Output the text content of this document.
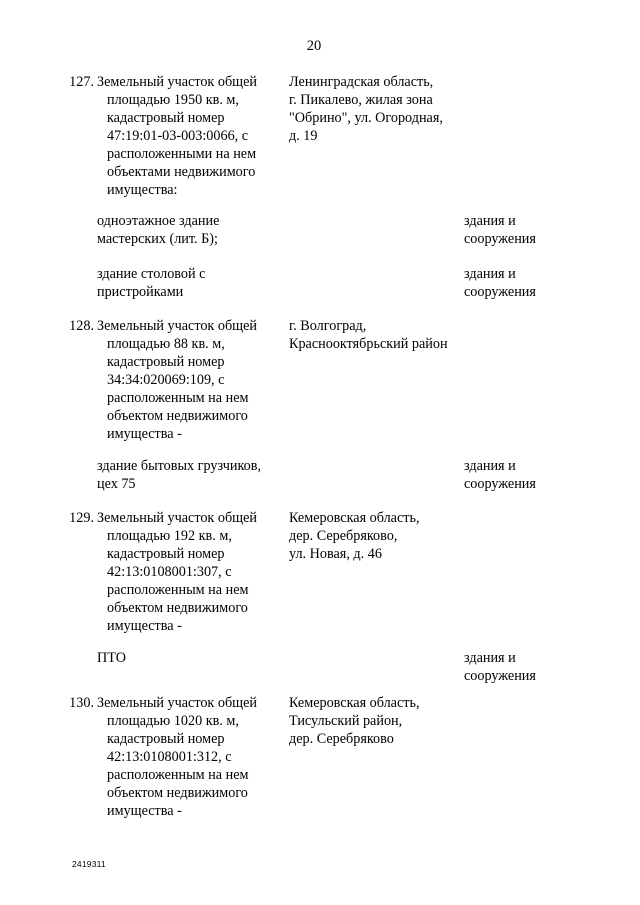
20
127. Земельный участок общей
площадью 1950 кв. м,
кадастровый номер
47:19:01-03-003:0066, с
расположенными на нем
объектами недвижимого
имущества:
Ленинградская область,
г. Пикалево, жилая зона
"Обрино", ул. Огородная,
д. 19
одноэтажное здание
мастерских (лит. Б);
здания и
сооружения
здание столовой с
пристройками
здания и
сооружения
128. Земельный участок общей
площадью 88 кв. м,
кадастровый номер
34:34:020069:109, с
расположенным на нем
объектом недвижимого
имущества -
г. Волгоград,
Краснооктябрьский район
здание бытовых грузчиков,
цех 75
здания и
сооружения
129. Земельный участок общей
площадью 192 кв. м,
кадастровый номер
42:13:0108001:307, с
расположенным на нем
объектом недвижимого
имущества -
Кемеровская область,
дер. Серебряково,
ул. Новая, д. 46
ПТО	здания и
сооружения
130. Земельный участок общей
площадью 1020 кв. м,
кадастровый номер
42:13:0108001:312, с
расположенным на нем
объектом недвижимого
имущества -
Кемеровская область,
Тисульский район,
дер. Серебряково
2419311
